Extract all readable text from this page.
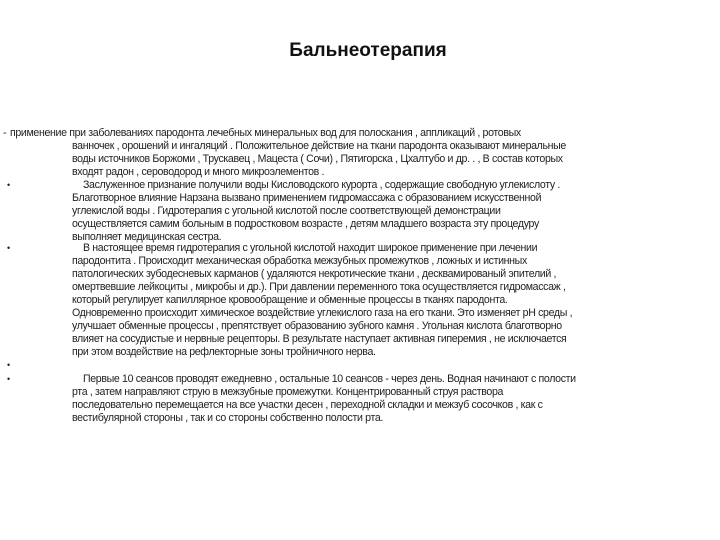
Бальнеотерапия
- применение при заболеваниях пародонта лечебных минеральных вод для полоскания , аппликаций , ротовых
ванночек , орошений и ингаляций . Положительное действие на ткани пародонта оказывают минеральные
воды источников Боржоми , Трускавец , Мацеста ( Сочи) , Пятигорска , Цхалтубо и др. . , В состав которых
входят радон , сероводород и много микроэлементов .
•	Заслуженное признание получили воды Кисловодского курорта , содержащие свободную углекислоту .
Благотворное влияние Нарзана вызвано применением гидромассажа с образованием искусственной
углекислой воды . Гидротерапия с угольной кислотой после соответствующей демонстрации
осуществляется самим больным в подростковом возрасте , детям младшего возраста эту процедуру
выполняет медицинская сестра.
•	В настоящее время гидротерапия с угольной кислотой находит широкое применение при лечении
пародонтита . Происходит механическая обработка межзубных промежутков , ложных и истинных
патологических зубодесневых карманов ( удаляются некротические ткани , десквамированый эпителий ,
омертвевшие лейкоциты , микробы и др.). При давлении переменного тока осуществляется гидромассаж ,
который регулирует капиллярное кровообращение и обменные процессы в тканях пародонта.
Одновременно происходит химическое воздействие углекислого газа на его ткани. Это изменяет pH среды ,
улучшает обменные процессы , препятствует образованию зубного камня . Угольная кислота благотворно
влияет на сосудистые и нервные рецепторы. В результате наступает активная гиперемия , не исключается
при этом воздействие на рефлекторные зоны тройничного нерва.
•
•	Первые 10 сеансов проводят ежедневно , остальные 10 сеансов - через день. Водная начинают с полости
рта , затем направляют струю в межзубные промежутки. Концентрированный струя раствора
последовательно перемещается на все участки десен , переходной складки и межзуб сосочков , как с
вестибулярной стороны , так и со стороны собственно полости рта.
